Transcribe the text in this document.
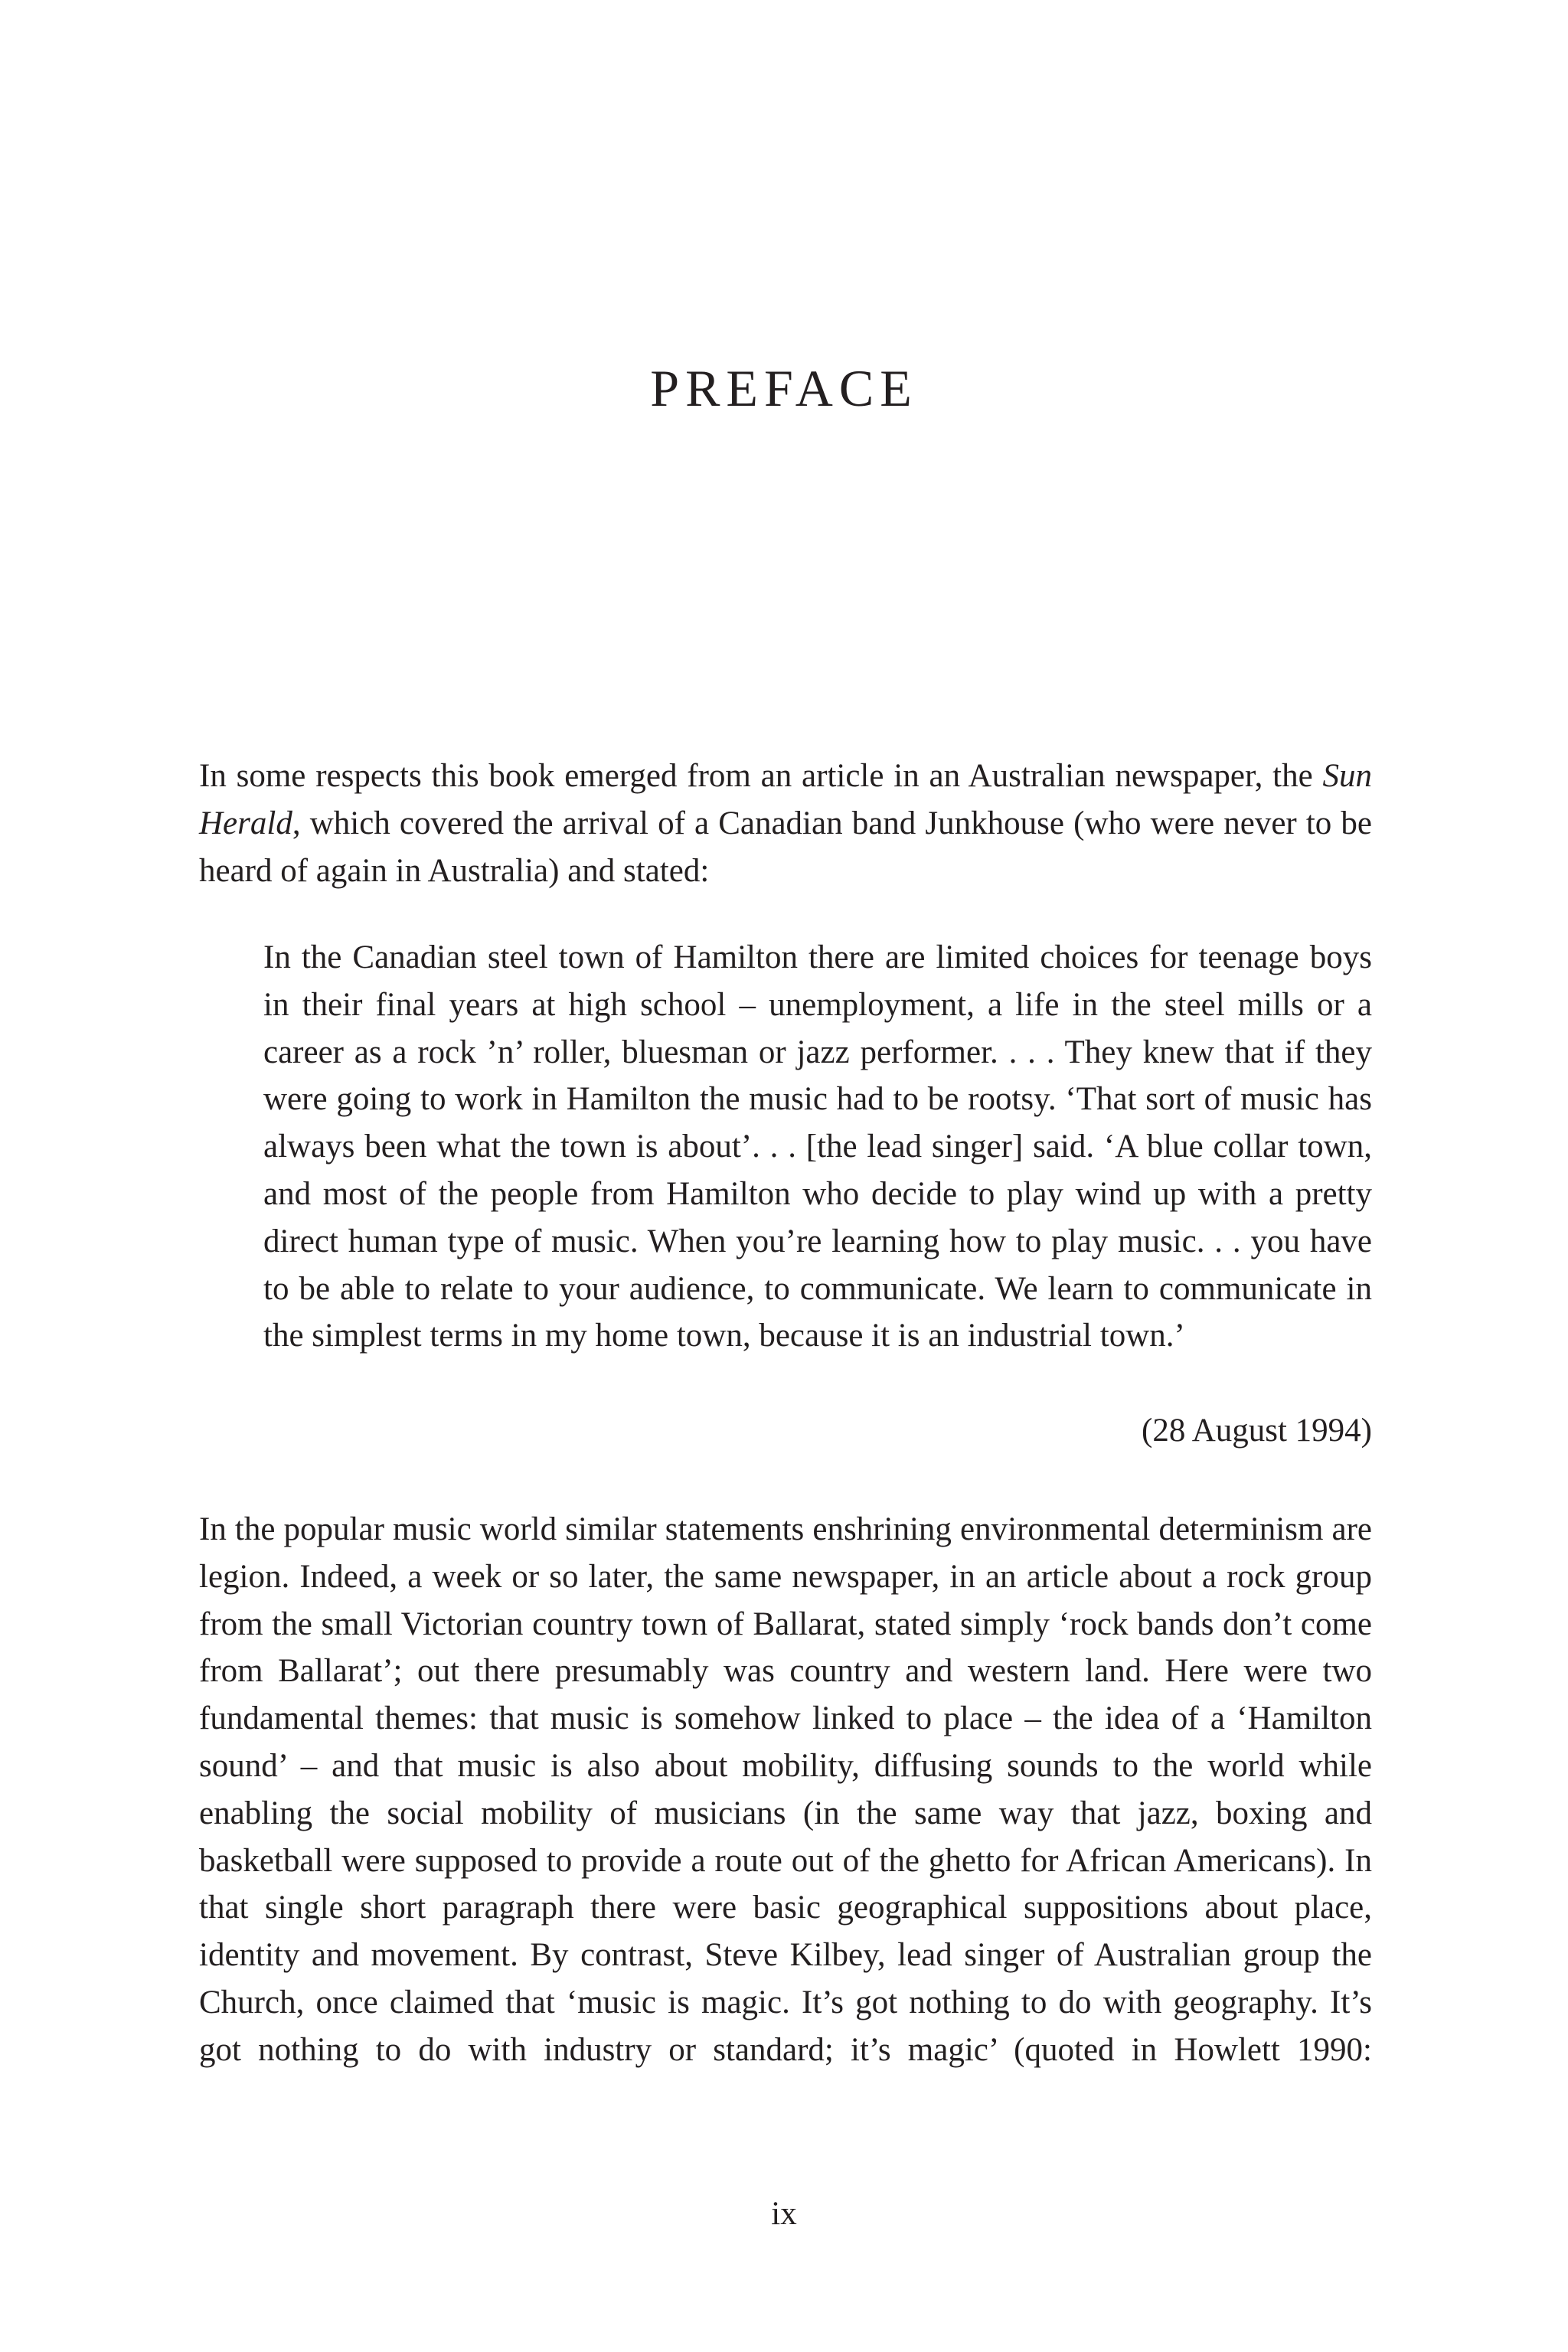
PREFACE

In some respects this book emerged from an article in an Australian newspaper, the Sun Herald, which covered the arrival of a Canadian band Junkhouse (who were never to be heard of again in Australia) and stated:

In the Canadian steel town of Hamilton there are limited choices for teenage boys in their final years at high school – unemployment, a life in the steel mills or a career as a rock ’n’ roller, bluesman or jazz performer. . . . They knew that if they were going to work in Hamilton the music had to be rootsy. ‘That sort of music has always been what the town is about’. . . [the lead singer] said. ‘A blue collar town, and most of the people from Hamilton who decide to play wind up with a pretty direct human type of music. When you’re learning how to play music. . . you have to be able to relate to your audience, to communicate. We learn to communicate in the simplest terms in my home town, because it is an industrial town.’

(28 August 1994)

In the popular music world similar statements enshrining environmental determinism are legion. Indeed, a week or so later, the same newspaper, in an article about a rock group from the small Victorian country town of Ballarat, stated simply ‘rock bands don’t come from Ballarat’; out there presumably was country and western land. Here were two fundamental themes: that music is somehow linked to place – the idea of a ‘Hamilton sound’ – and that music is also about mobility, diffusing sounds to the world while enabling the social mobility of musicians (in the same way that jazz, boxing and basketball were supposed to provide a route out of the ghetto for African Americans). In that single short paragraph there were basic geographical suppositions about place, identity and movement. By contrast, Steve Kilbey, lead singer of Australian group the Church, once claimed that ‘music is magic. It’s got nothing to do with geography. It’s got nothing to do with industry or standard; it’s magic’ (quoted in Howlett 1990:

ix
